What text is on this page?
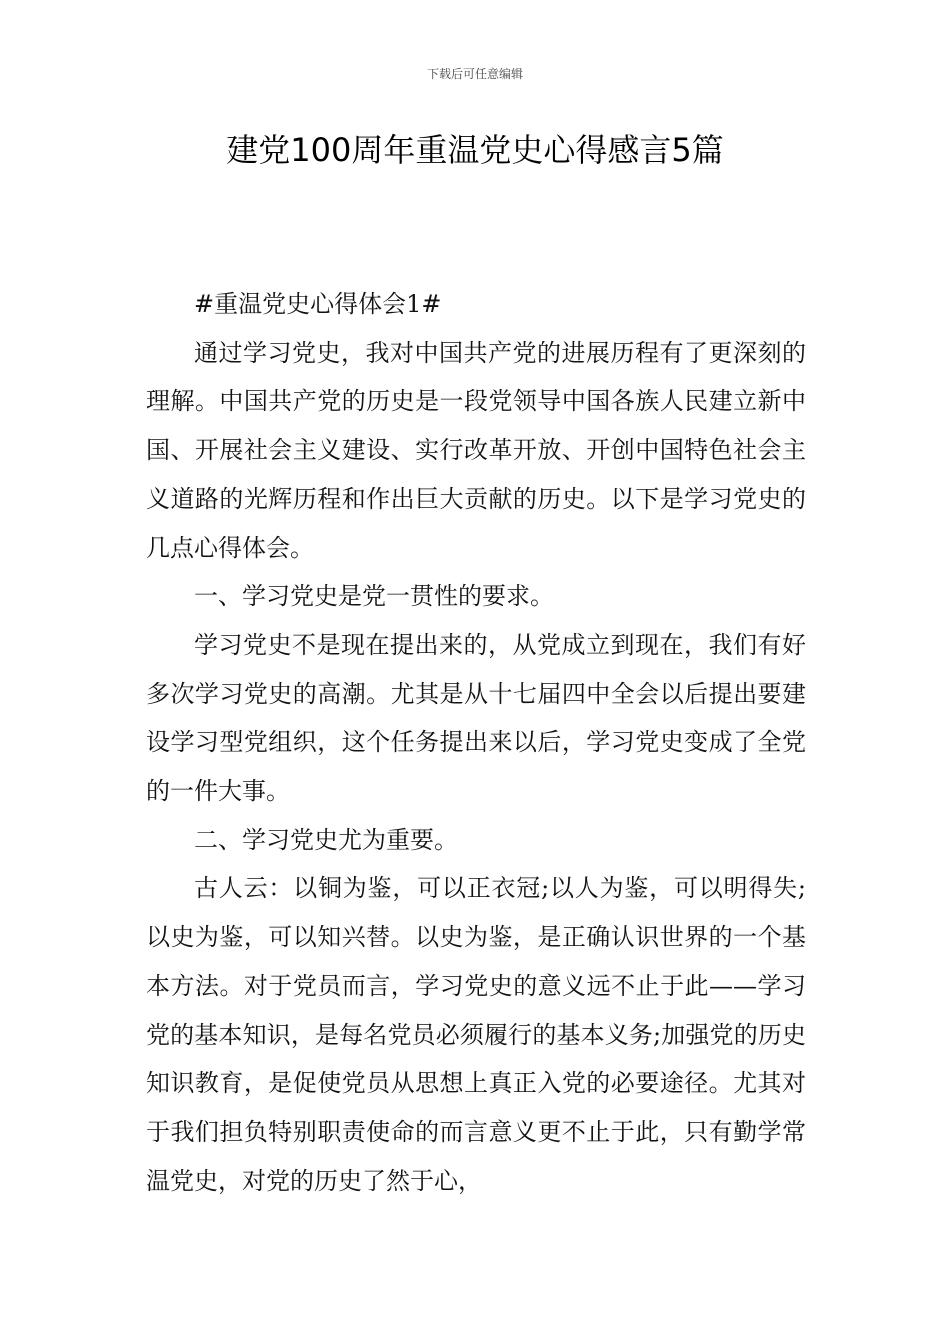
下载后可任意编辑
建党100周年重温党史心得感言5篇

#重温党史心得体会1#

通过学习党史，我对中国共产党的进展历程有了更深刻的理解。中国共产党的历史是一段党领导中国各族人民建立新中国、开展社会主义建设、实行改革开放、开创中国特色社会主义道路的光辉历程和作出巨大贡献的历史。以下是学习党史的几点心得体会。

一、学习党史是党一贯性的要求。

学习党史不是现在提出来的，从党成立到现在，我们有好多次学习党史的高潮。尤其是从十七届四中全会以后提出要建设学习型党组织，这个任务提出来以后，学习党史变成了全党的一件大事。

二、学习党史尤为重要。

古人云：以铜为鉴，可以正衣冠;以人为鉴，可以明得失;以史为鉴，可以知兴替。以史为鉴，是正确认识世界的一个基本方法。对于党员而言，学习党史的意义远不止于此——学习党的基本知识，是每名党员必须履行的基本义务;加强党的历史知识教育，是促使党员从思想上真正入党的必要途径。尤其对于我们担负特别职责使命的而言意义更不止于此，只有勤学常温党史，对党的历史了然于心，
